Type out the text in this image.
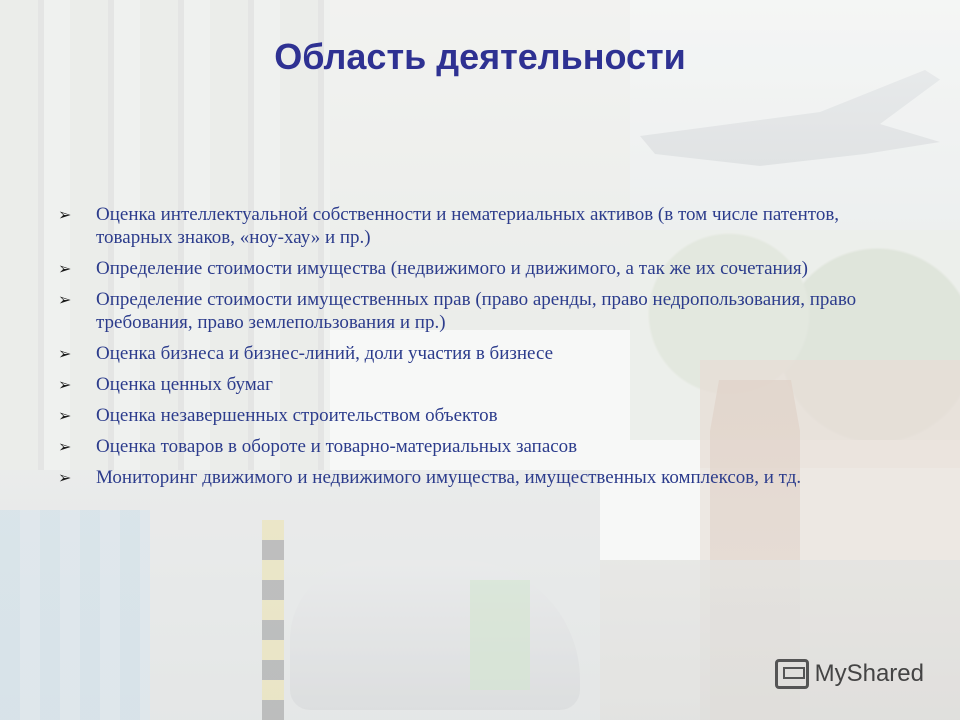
Область деятельности
➢ Оценка интеллектуальной собственности и нематериальных активов (в том числе патентов, товарных знаков, «ноу-хау» и пр.)
➢ Определение стоимости имущества (недвижимого и движимого, а так же их сочетания)
➢ Определение стоимости имущественных прав (право аренды, право недропользования, право требования, право землепользования и пр.)
➢ Оценка бизнеса и бизнес-линий, доли участия в бизнесе
➢ Оценка ценных бумаг
➢ Оценка незавершенных строительством объектов
➢ Оценка товаров в обороте и товарно-материальных запасов
➢ Мониторинг движимого и недвижимого имущества, имущественных комплексов, и тд.
MyShared
